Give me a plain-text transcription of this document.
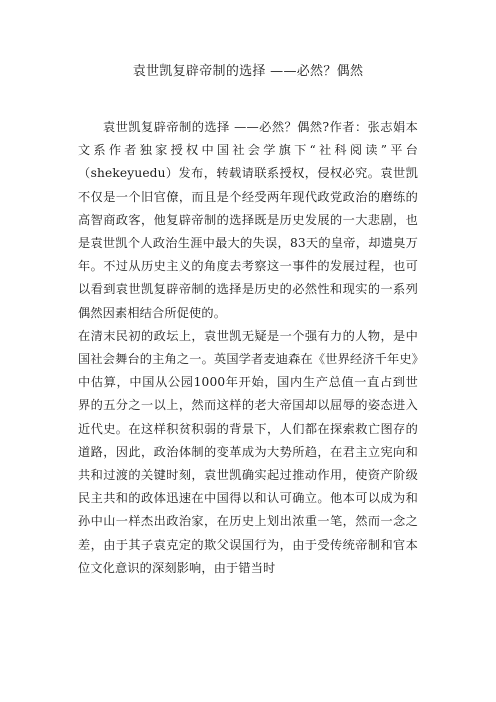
袁世凯复辟帝制的选择 ——必然？偶然

袁世凯复辟帝制的选择 ——必然？偶然?作者：张志娟本文系作者独家授权中国社会学旗下“社科阅读”平台（shekeyuedu）发布，转载请联系授权，侵权必究。袁世凯不仅是一个旧官僚，而且是个经受两年现代政党政治的磨练的高智商政客，他复辟帝制的选择既是历史发展的一大悲剧，也是袁世凯个人政治生涯中最大的失误，83天的皇帝，却遗臭万年。不过从历史主义的角度去考察这一事件的发展过程，也可以看到袁世凯复辟帝制的选择是历史的必然性和现实的一系列偶然因素相结合所促使的。

在清末民初的政坛上，袁世凯无疑是一个强有力的人物，是中国社会舞台的主角之一。英国学者麦迪森在《世界经济千年史》中估算，中国从公园1000年开始，国内生产总值一直占到世界的五分之一以上，然而这样的老大帝国却以屈辱的姿态进入近代史。在这样积贫积弱的背景下，人们都在探索救亡图存的道路，因此，政治体制的变革成为大势所趋，在君主立宪向和共和过渡的关键时刻，袁世凯确实起过推动作用，使资产阶级民主共和的政体迅速在中国得以和认可确立。他本可以成为和孙中山一样杰出政治家，在历史上划出浓重一笔，然而一念之差，由于其子袁克定的欺父误国行为，由于受传统帝制和官本位文化意识的深刻影响，由于错当时
